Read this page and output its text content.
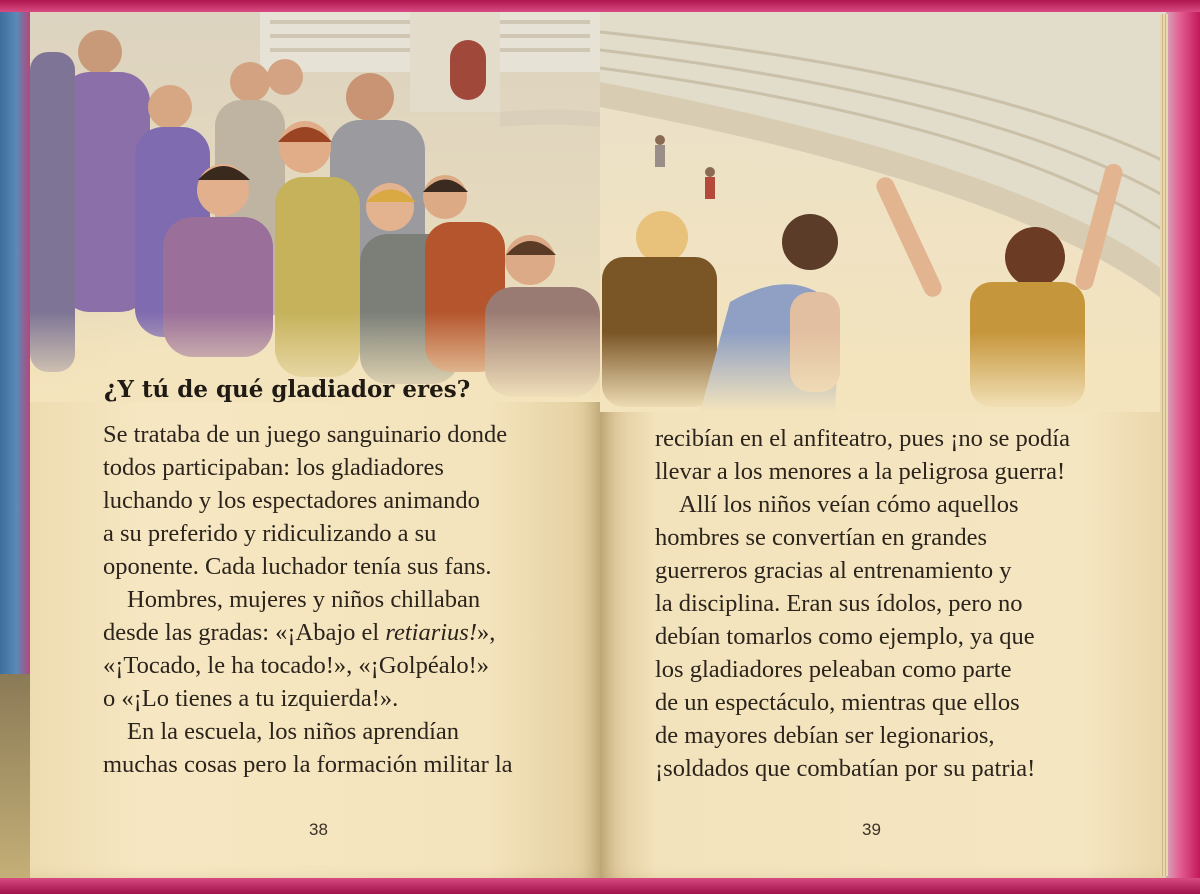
¿Y tú de qué gladiador eres?

Se trataba de un juego sanguinario donde

todos participaban: los gladiadores

luchando y los espectadores animando

a su preferido y ridiculizando a su

oponente. Cada luchador tenía sus fans.

Hombres, mujeres y niños chillaban

desde las gradas: «¡Abajo el retiarius!»,

«¡Tocado, le ha tocado!», «¡Golpéalo!»

o «¡Lo tienes a tu izquierda!».

En la escuela, los niños aprendían

muchas cosas pero la formación militar la

38

recibían en el anfiteatro, pues ¡no se podía

llevar a los menores a la peligrosa guerra!

Allí los niños veían cómo aquellos

hombres se convertían en grandes

guerreros gracias al entrenamiento y

la disciplina. Eran sus ídolos, pero no

debían tomarlos como ejemplo, ya que

los gladiadores peleaban como parte

de un espectáculo, mientras que ellos

de mayores debían ser legionarios,

¡soldados que combatían por su patria!

39
